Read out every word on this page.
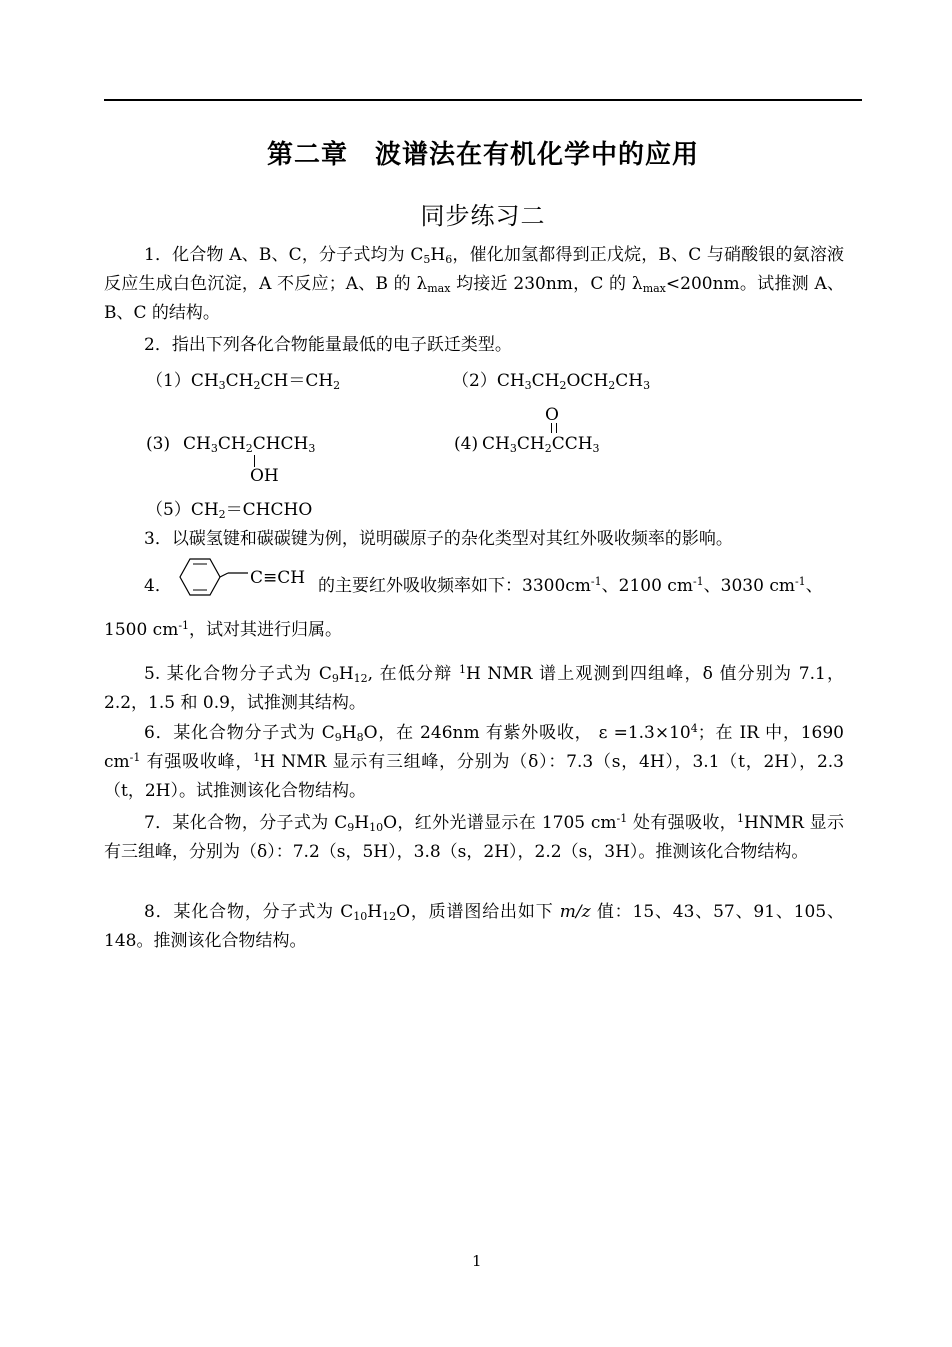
第二章　波谱法在有机化学中的应用
同步练习二
1．化合物 A、B、C，分子式均为 $C_5H_6$，催化加氢都得到正戊烷，B、C 与硝酸银的氨溶液反应生成白色沉淀，A 不反应；A、B 的 $\lambda_{max}$ 均接近 230nm，C 的 $\lambda_{max}<200nm$。试推测 A、B、C 的结构。
2．指出下列各化合物能量最低的电子跃迁类型。
$(1)CH_3CH_2CH=CH_2$	$(2)CH_3CH_2OCH_2CH_3$
(3) $CH_3CH_2CHCH_3$
OH
O
(4) $CH_3CH_2CCH_3$
$(5)CH_2=CHCHO$
3．以碳氢键和碳碳键为例，说明碳原子的杂化类型对其红外吸收频率的影响。
4．	C≡CH 的主要红外吸收频率如下：$3300cm^{-1}$、2100 $cm^{-1}$、3030 $cm^{-1}$、
1500 $cm^{-1}$，试对其进行归属。
5. 某化合物分子式为 $C_9H_{12}$, 在低分辩 $^1$H NMR 谱上观测到四组峰，δ 值分别为 7.1，2.2，1.5 和 0.9，试推测其结构。
6．某化合物分子式为 $C_9H_8O$，在 246nm 有紫外吸收， $\varepsilon =1.3\times 10^4$；在 IR 中，1690 $cm^{-1}$ 有强吸收峰，$^1$H NMR 显示有三组峰，分别为（δ）：7.3（s，4H），3.1（t，2H），2.3（t，2H）。试推测该化合物结构。
7．某化合物，分子式为 $C_9H_{10}O$，红外光谱显示在 1705 $cm^{-1}$ 处有强吸收，$^1$HNMR 显示有三组峰，分别为（δ）：7.2（s，5H），3.8（s，2H），2.2（s，3H）。推测该化合物结构。
8．某化合物，分子式为 $C_{10}H_{12}O$，质谱图给出如下 m/z 值：15、43、57、91、105、148。推测该化合物结构。
1
